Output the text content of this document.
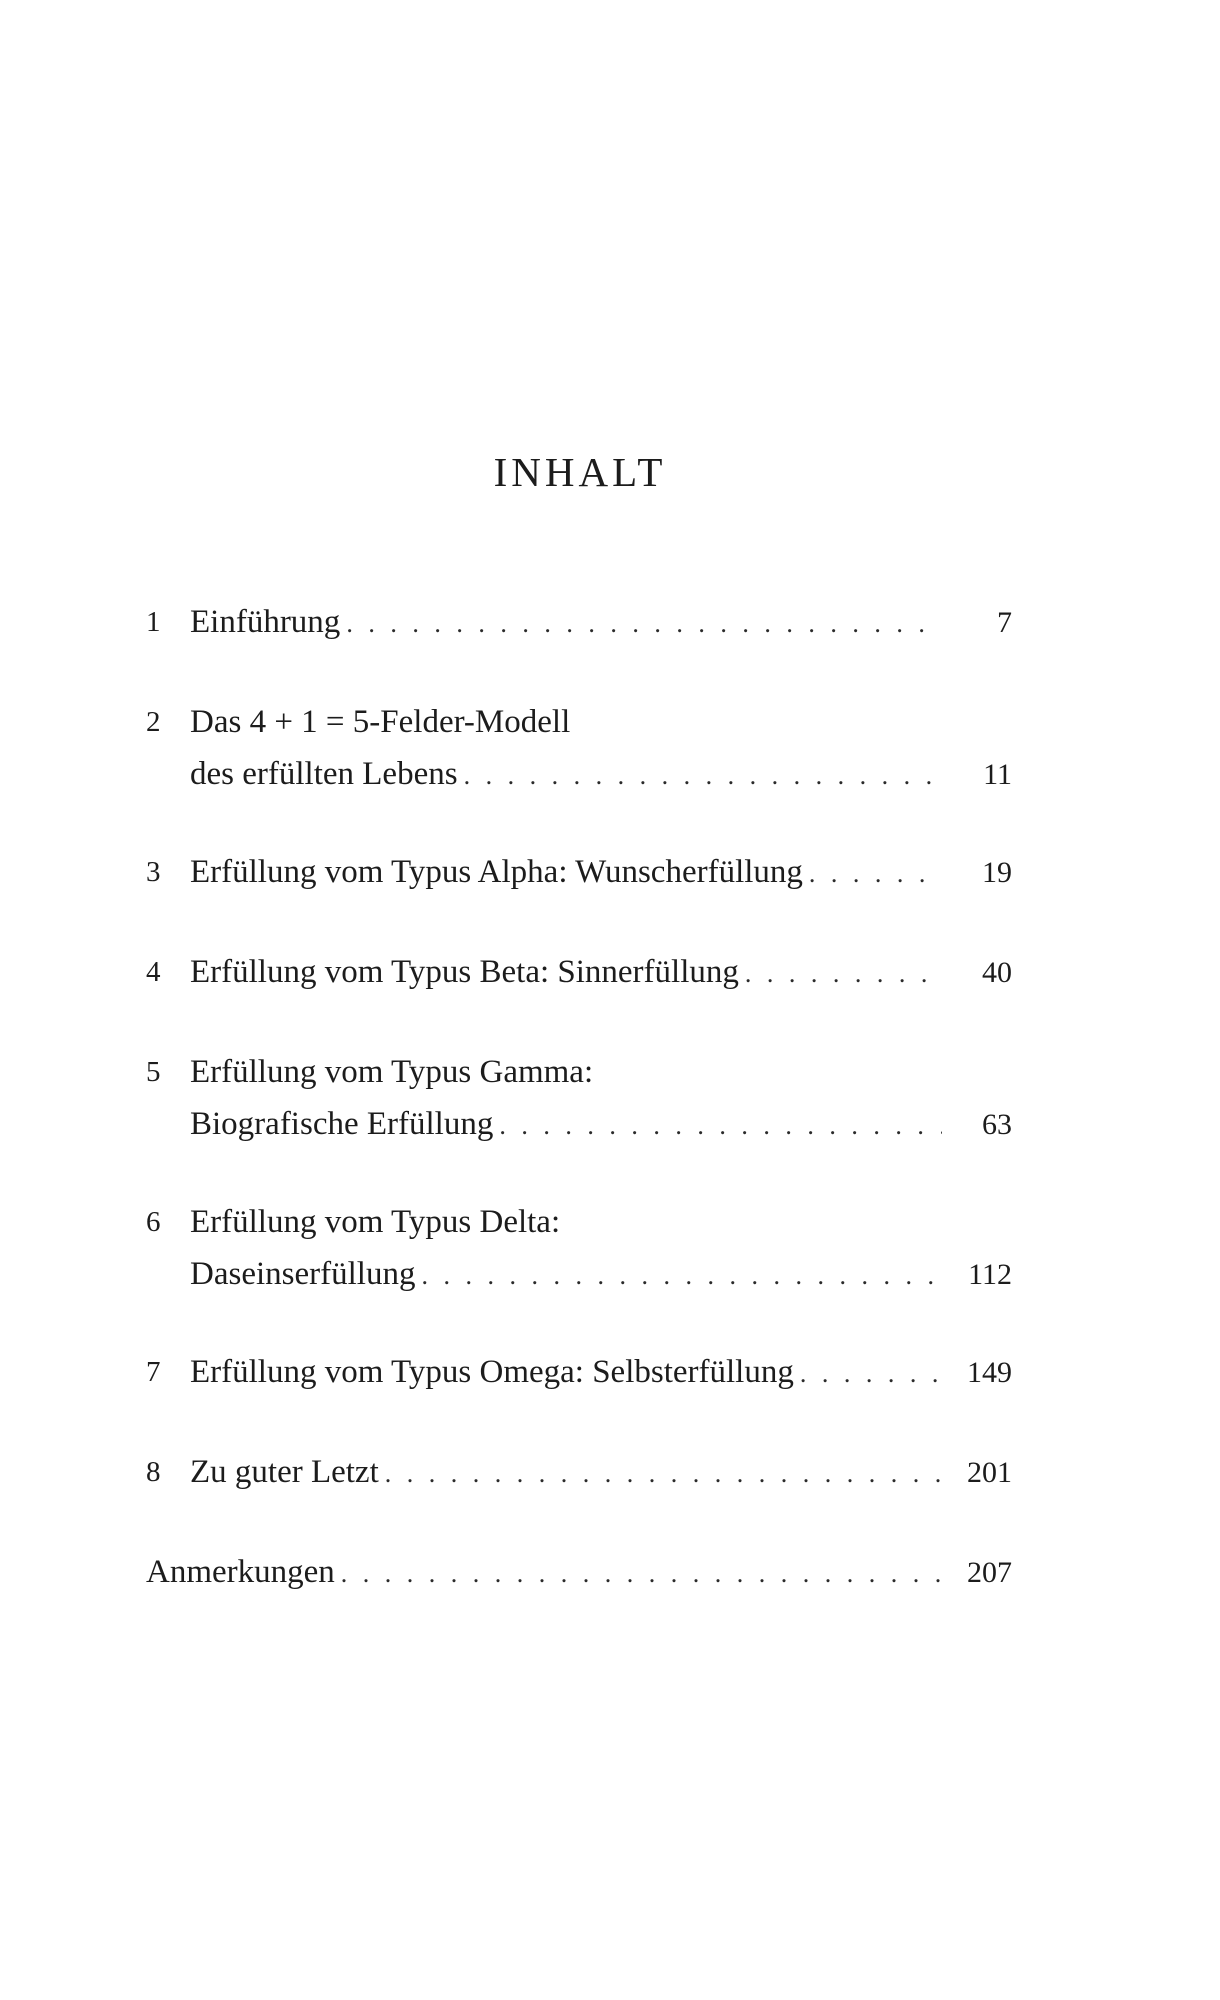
INHALT
1 Einführung . . .	7
2 Das 4 + 1 = 5-Felder-Modell
des erfüllten Lebens . . .	11
3 Erfüllung vom Typus Alpha: Wunscherfüllung . . .	19
4 Erfüllung vom Typus Beta: Sinnerfüllung . . .	40
5 Erfüllung vom Typus Gamma:
Biografische Erfüllung . . .	63
6 Erfüllung vom Typus Delta:
Daseinserfüllung . . .	112
7 Erfüllung vom Typus Omega: Selbsterfüllung . . .	149
8 Zu guter Letzt . . .	201
Anmerkungen . . .	207
